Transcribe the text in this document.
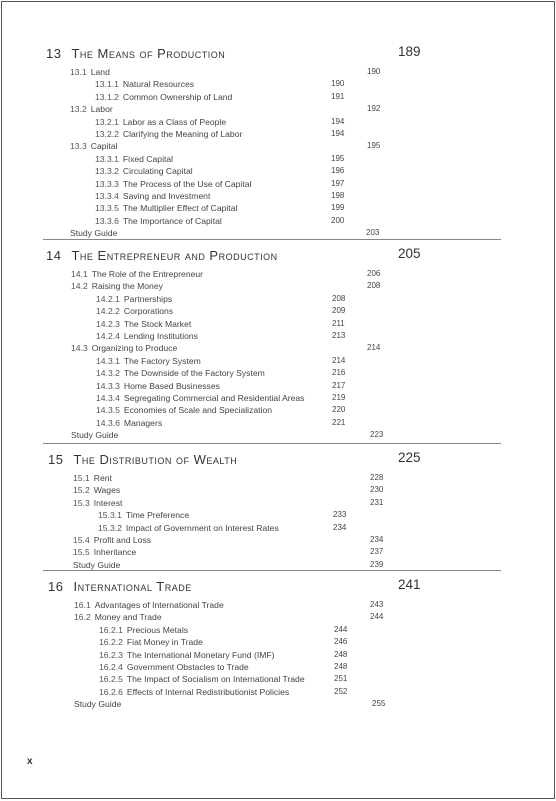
13 The Means of Production	189
13.1 Land	190
13.1.1 Natural Resources	190
13.1.2 Common Ownership of Land	191
13.2 Labor	192
13.2.1 Labor as a Class of People	194
13.2.2 Clarifying the Meaning of Labor	194
13.3 Capital	195
13.3.1 Fixed Capital	195
13.3.2 Circulating Capital	196
13.3.3 The Process of the Use of Capital	197
13.3.4 Saving and Investment	198
13.3.5 The Multiplier Effect of Capital	199
13.3.6 The Importance of Capital	200
Study Guide	203
14 The Entrepreneur and Production	205
14.1 The Role of the Entrepreneur	206
14.2 Raising the Money	208
14.2.1 Partnerships	208
14.2.2 Corporations	209
14.2.3 The Stock Market	211
14.2.4 Lending Institutions	213
14.3 Organizing to Produce	214
14.3.1 The Factory System	214
14.3.2 The Downside of the Factory System	216
14.3.3 Home Based Businesses	217
14.3.4 Segregating Commercial and Residential Areas	219
14.3.5 Economies of Scale and Specialization	220
14.3.6 Managers	221
Study Guide	223
15 The Distribution of Wealth	225
15.1 Rent	228
15.2 Wages	230
15.3 Interest	231
15.3.1 Time Preference	233
15.3.2 Impact of Government on Interest Rates	234
15.4 Profit and Loss	234
15.5 Inheritance	237
Study Guide	239
16 International Trade	241
16.1 Advantages of International Trade	243
16.2 Money and Trade	244
16.2.1 Precious Metals	244
16.2.2 Fiat Money in Trade	246
16.2.3 The International Monetary Fund (IMF)	248
16.2.4 Government Obstacles to Trade	248
16.2.5 The Impact of Socialism on International Trade	251
16.2.6 Effects of Internal Redistributionist Policies	252
Study Guide	255
x
